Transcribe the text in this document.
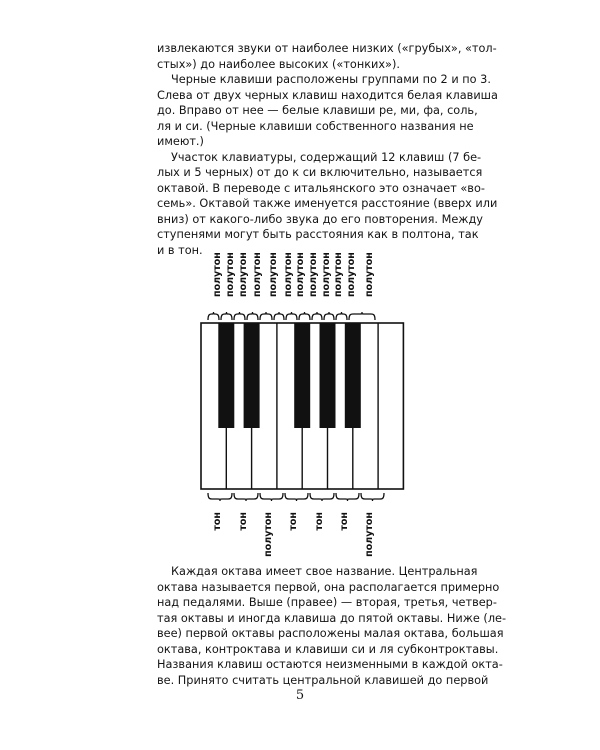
извлекаются звуки от наиболее низких («грубых», «тол-
стых») до наиболее высоких («тонких»).
Черные клавиши расположены группами по 2 и по 3.
Слева от двух черных клавиш находится белая клавиша
до. Вправо от нее — белые клавиши ре, ми, фа, соль,
ля и си. (Черные клавиши собственного названия не
имеют.)
Участок клавиатуры, содержащий 12 клавиш (7 бе-
лых и 5 черных) от до к си включительно, называется
октавой. В переводе с итальянского это означает «во-
семь». Октавой также именуется расстояние (вверх или
вниз) от какого-либо звука до его повторения. Между
ступенями могут быть расстояния как в полтона, так
и в тон.
полутон полутон полутон полутон полутон полутон полутон полутон полутон полутон полутон полутон
тон тон полутон тон тон тон полутон
Каждая октава имеет свое название. Центральная
октава называется первой, она располагается примерно
над педалями. Выше (правее) — вторая, третья, четвер-
тая октавы и иногда клавиша до пятой октавы. Ниже (ле-
вее) первой октавы расположены малая октава, большая
октава, контроктава и клавиши си и ля субконтроктавы.
Названия клавиш остаются неизменными в каждой окта-
ве. Принято считать центральной клавишей до первой
5
